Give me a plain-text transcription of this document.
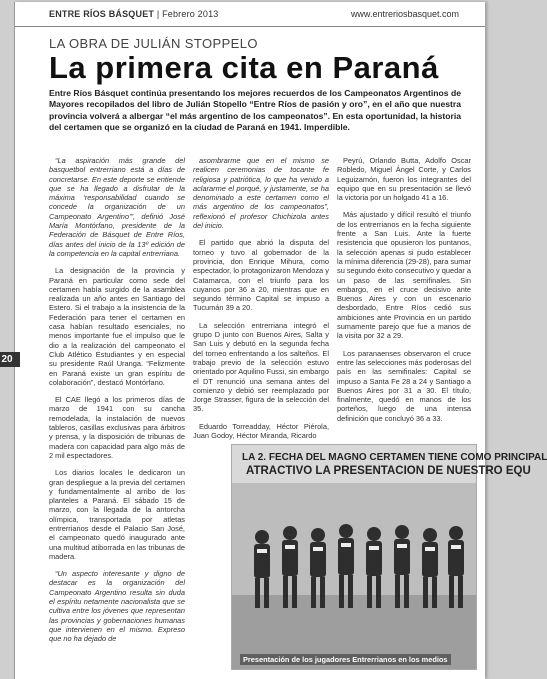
ENTRE RÍOS BÁSQUET | Febrero 2013	www.entreriosbasquet.com
LA OBRA DE JULIÁN STOPPELO
La primera cita en Paraná

Entre Ríos Básquet continúa presentando los mejores recuerdos de los Campeonatos Argentinos de Mayores recopilados del libro de Julián Stopello “Entre Ríos de pasión y oro”, en el año que nuestra provincia volverá a albergar “el más argentino de los campeonatos”. En esta oportunidad, la historia del certamen que se organizó en la ciudad de Paraná en 1941. Imperdible.

“La aspiración más grande del basquetbol entrerriano está a días de concretarse. En este deporte se entiende que se ha llegado a disfrutar de la máxima ‘responsabilidad cuando se concede la organización de un Campeonato Argentino’”, definió José María Montórfano, presidente de la Federación de Básquet de Entre Ríos, días antes del inicio de la 13º edición de la competencia en la capital entrerriana.

La designación de la provincia y Paraná en particular como sede del certamen había surgido de la asamblea realizada un año antes en Santiago del Estero. Si el trabajo a la insistencia de la Federación para tener el certamen en casa habían resultado esenciales, no menos importante fue el impulso que le dio a la realización del campeonato el Club Atlético Estudiantes y en especial su presidente Raúl Uranga. “Felizmente en Paraná existe un gran espíritu de colaboración”, destacó Montórfano.

El CAE llegó a los primeros días de marzo de 1941 con su cancha remodelada, la instalación de nuevos tableros, casillas exclusivas para árbitros y prensa, y la disposición de tribunas de madera con capacidad para algo más de 2 mil espectadores.

Los diarios locales le dedicaron un gran despliegue a la previa del certamen y fundamentalmente al arribo de los planteles a Paraná. El sábado 15 de marzo, con la llegada de la antorcha olímpica, transportada por atletas entrerrianos desde el Palacio San José, el campeonato quedó inaugurado ante una multitud atiborrada en las tribunas de madera.

“Un aspecto interesante y digno de destacar es la organización del Campeonato Argentino resulta sin duda el espíritu netamente nacionalista que se cultiva entre los jóvenes que representan las provincias y gobernaciones humanas que intervienen en el mismo. Expreso que no ha dejado de

asombrarme que en el mismo se realicen ceremonias de tocante fe religiosa y patriótica, lo que ha venido a aclararme el porqué, y justamente, se ha denominado a este certamen como el más argentino de los campeonatos”, reflexionó el profesor Chichizola antes del inicio.

El partido que abrió la disputa del torneo y tuvo al gobernador de la provincia, don Enrique Mihura, como espectador, lo protagonizaron Mendoza y Catamarca, con el triunfo para los cuyanos por 36 a 20, mientras que en segundo término Capital se impuso a Tucumán 39 a 20.

La selección entrerriana integró el grupo D junto con Buenos Aires, Salta y San Luis y debutó en la segunda fecha del torneo enfrentando a los salteños. El trabajo previo de la selección estuvo orientado por Aquilino Fussi, sin embargo el DT renunció una semana antes del comienzo y debió ser reemplazado por Jorge Strasser, figura de la selección del 35.

Eduardo Torreadday, Héctor Piérola, Juan Godoy, Héctor Miranda, Ricardo

Peyrú, Orlando Butta, Adolfo Oscar Robledo, Miguel Ángel Corte, y Carlos Leguizamón, fueron los integrantes del equipo que en su presentación se llevó la victoria por un holgado 41 a 16.

Más ajustado y difícil resultó el triunfo de los entrerrianos en la fecha siguiente frente a San Luis. Ante la fuerte resistencia que opusieron los puntanos, la selección apenas si pudo establecer la mínima diferencia (29-28), para sumar su segundo éxito consecutivo y quedar a un paso de las semifinales. Sin embargo, en el cruce decisivo ante Buenos Aires y con un escenario desbordado, Entre Ríos cedió sus ambiciones ante Provincia en un partido sumamente parejo que fue a manos de la visita por 32 a 29.

Los paranaenses observaron el cruce entre las selecciones más poderosas del país en las semifinales: Capital se impuso a Santa Fe 28 a 24 y Santiago a Buenos Aires por 31 a 30. El título, finalmente, quedó en manos de los porteños, luego de una intensa definición que concluyó 36 a 33.

LA 2. FECHA DEL MAGNO CERTAMEN TIENE COMO PRINCIPAL
ATRACTIVO LA PRESENTACION DE NUESTRO EQU
Presentación de los jugadores Entrerrianos en los medios
20
